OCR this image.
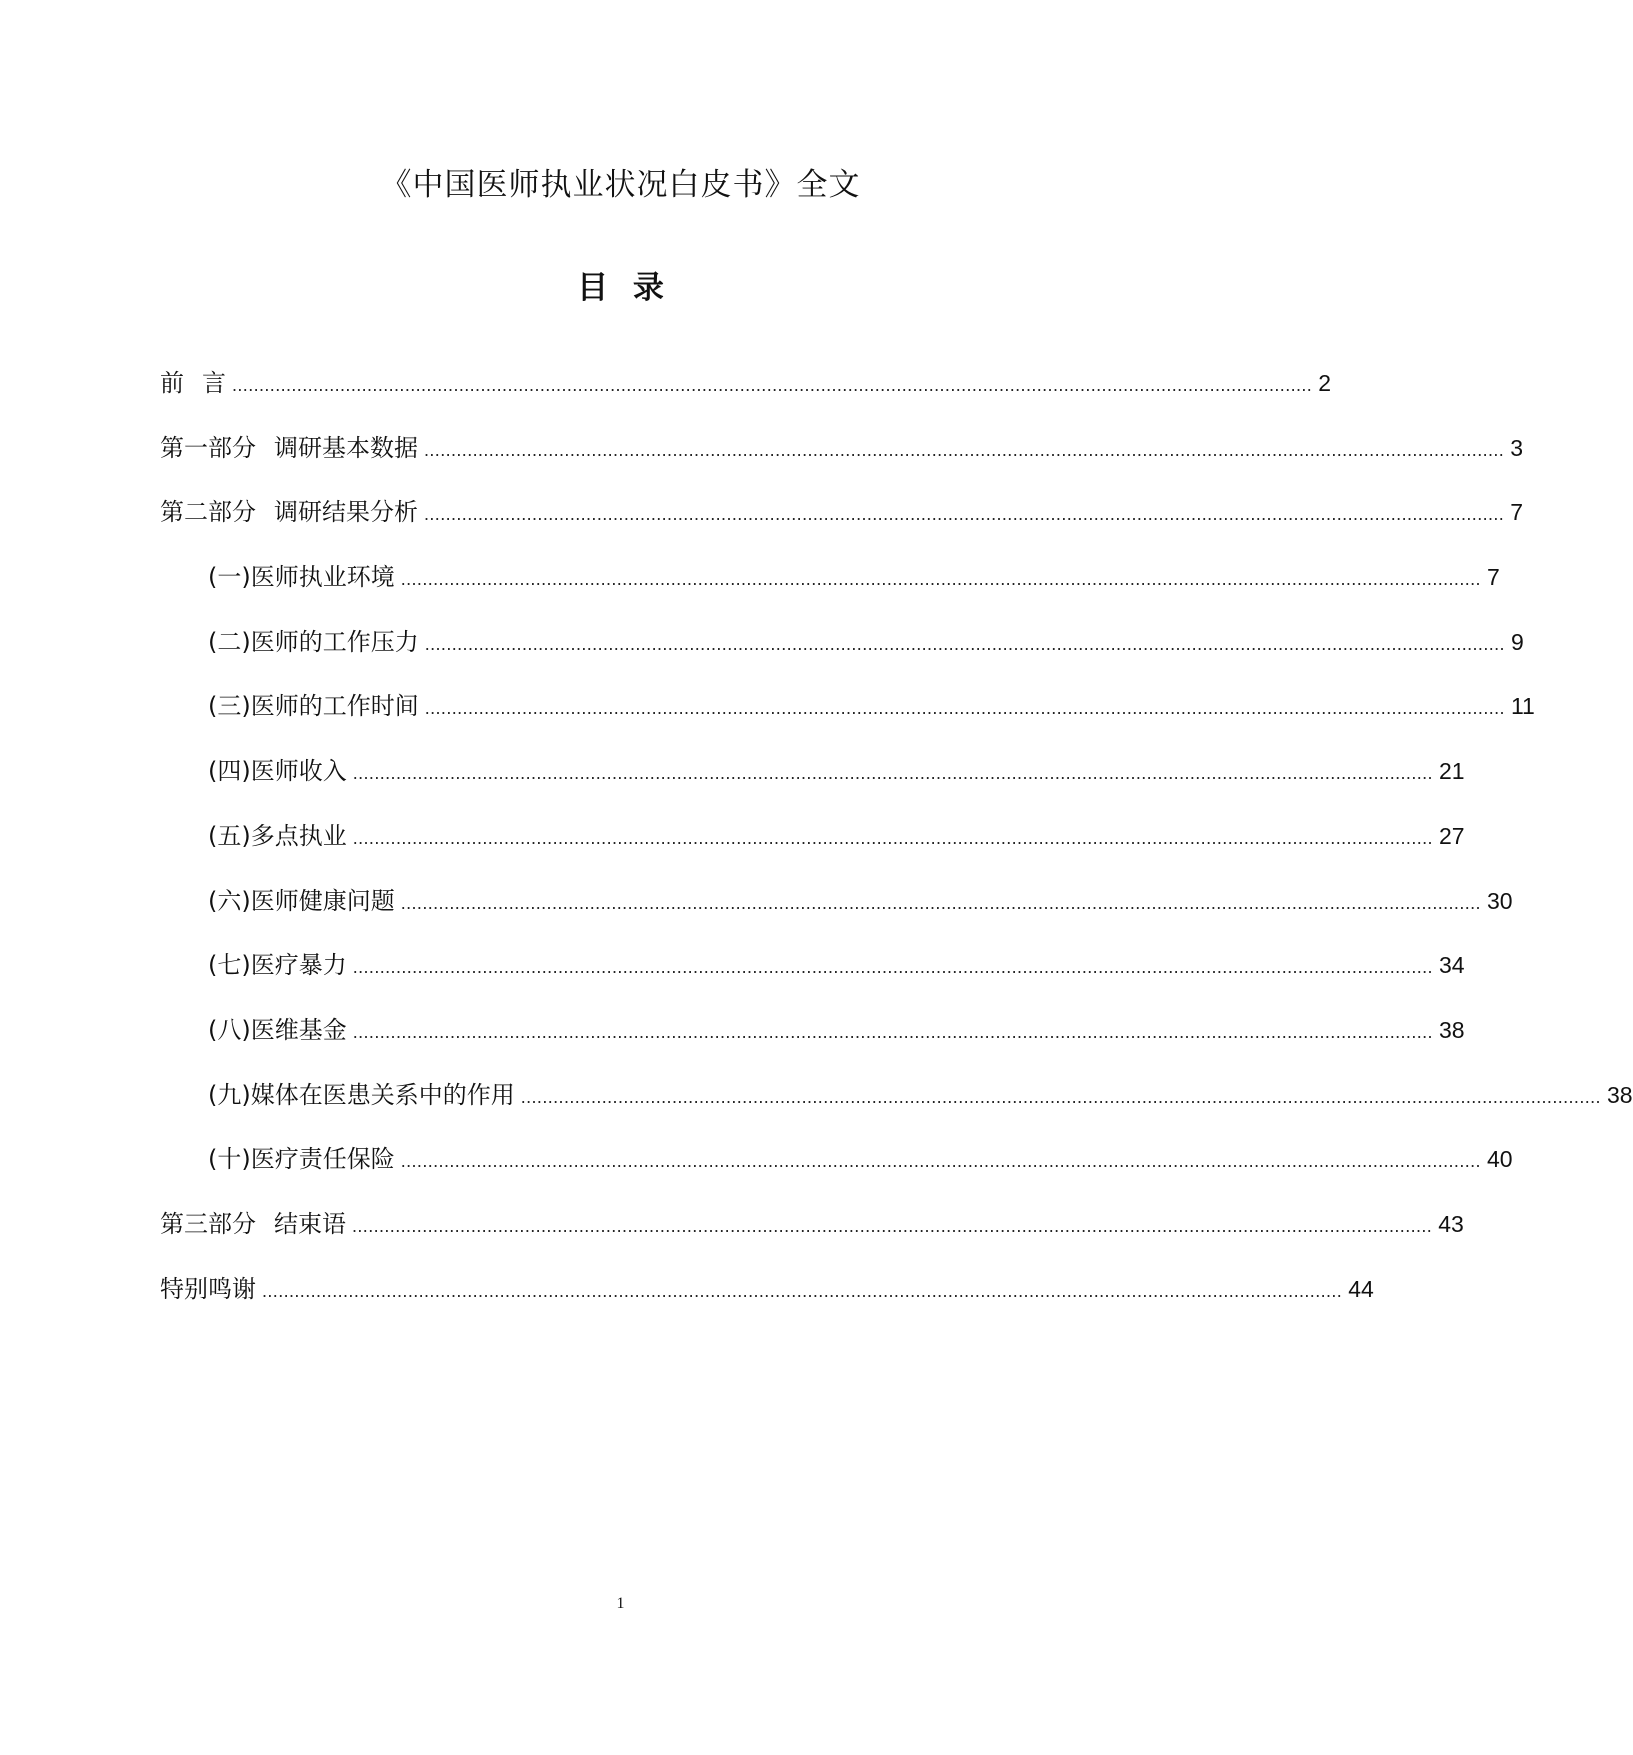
《中国医师执业状况白皮书》全文
目 录
前 言 ........................................................................................................................................................................................................ 2
第一部分 调研基本数据 ........................................................................................................................................................................................................ 3
第二部分 调研结果分析 ........................................................................................................................................................................................................ 7
(一)医师执业环境 ........................................................................................................................................................................................................ 7
(二)医师的工作压力 ........................................................................................................................................................................................................ 9
(三)医师的工作时间 ........................................................................................................................................................................................................ 11
(四)医师收入 ........................................................................................................................................................................................................ 21
(五)多点执业 ........................................................................................................................................................................................................ 27
(六)医师健康问题 ........................................................................................................................................................................................................ 30
(七)医疗暴力 ........................................................................................................................................................................................................ 34
(八)医维基金 ........................................................................................................................................................................................................ 38
(九)媒体在医患关系中的作用 ........................................................................................................................................................................................................ 38
(十)医疗责任保险 ........................................................................................................................................................................................................ 40
第三部分 结束语 ........................................................................................................................................................................................................ 43
特别鸣谢 ........................................................................................................................................................................................................ 44
1
